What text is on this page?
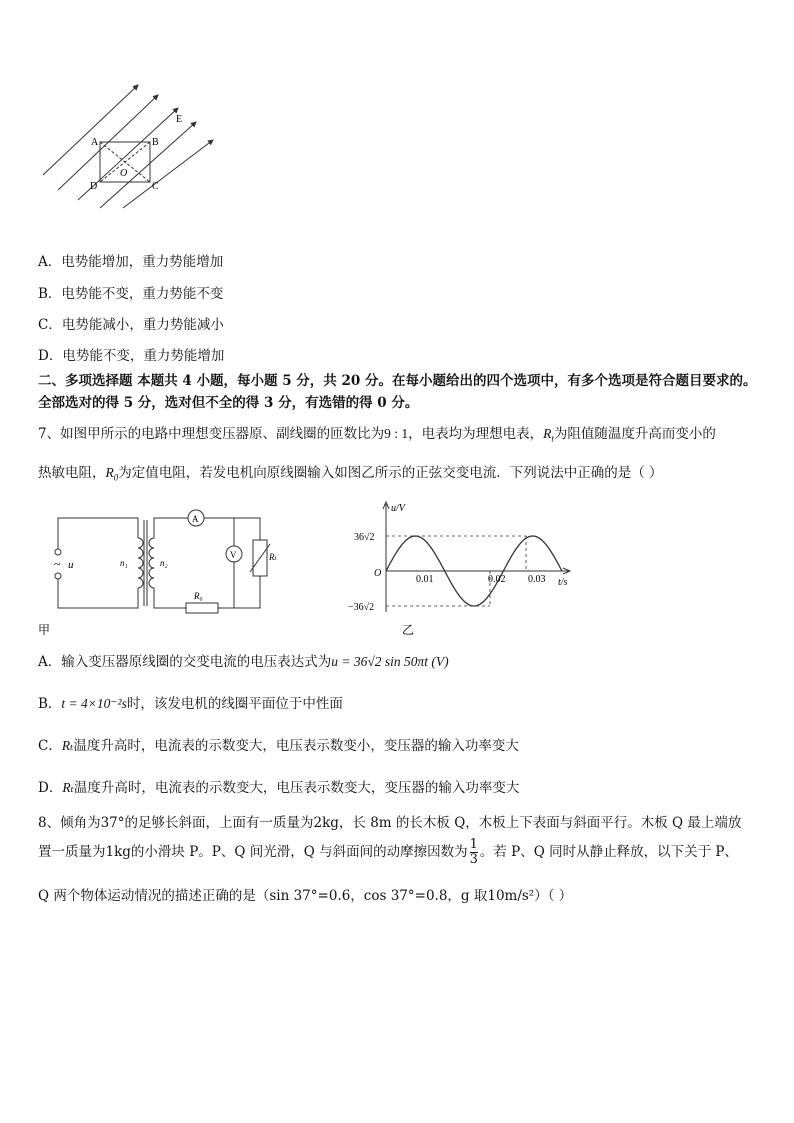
A	B
C
D
O
E
A．电势能增加，重力势能增加
B．电势能不变，重力势能不变
C．电势能减小，重力势能减小
D．电势能不变，重力势能增加
二、多项选择题 本题共 4 小题，每小题 5 分，共 20 分。在每小题给出的四个选项中，有多个选项是符合题目要求的。
全部选对的得 5 分，选对但不全的得 3 分，有选错的得 0 分。
7、如图甲所示的电路中理想变压器原、副线圈的匝数比为9 : 1，电表均为理想电表，$R_t$为阻值随温度升高而变小的
热敏电阻，$R_0$为定值电阻，若发电机向原线圈输入如图乙所示的正弦交变电流．下列说法中正确的是（ ）
~ u	n₁	n₂
A
V	Rₜ
R₀
甲
u/V
t/s
O
36√2
−36√2
0.01	0.02 0.03
乙
A．输入变压器原线圈的交变电流的电压表达式为u = 36√2 sin 50πt (V)
B．t = 4×10⁻²s时，该发电机的线圈平面位于中性面
C．Rₜ温度升高时，电流表的示数变大，电压表示数变小，变压器的输入功率变大
D．Rₜ温度升高时，电流表的示数变大，电压表示数变大，变压器的输入功率变大
8、倾角为37°的足够长斜面，上面有一质量为2kg，长 8m 的长木板 Q，木板上下表面与斜面平行。木板 Q 最上端放
置一质量为1kg的小滑块 P。P、Q 间光滑，Q 与斜面间的动摩擦因数为 $\frac{1}{3}$ 。若 P、Q 同时从静止释放，以下关于 P、
Q 两个物体运动情况的描述正确的是（sin 37°=0.6，cos 37°=0.8，g 取10m/s²）（ ）
